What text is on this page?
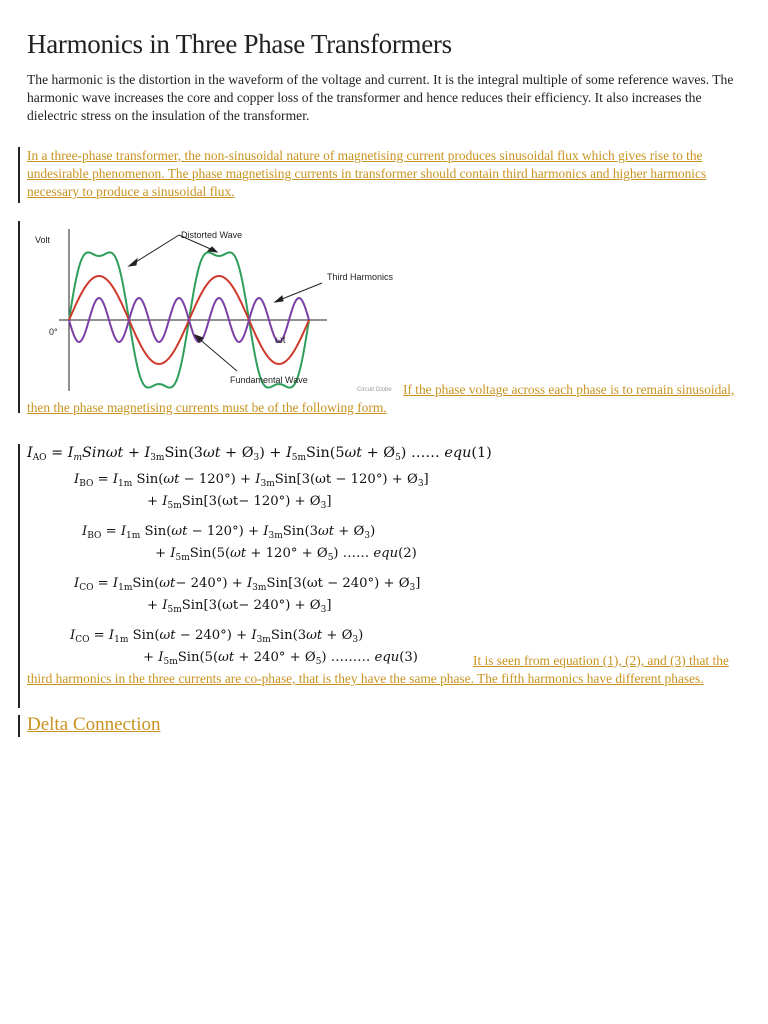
Harmonics in Three Phase Transformers

The harmonic is the distortion in the waveform of the voltage and current. It is the integral multiple of some reference waves. The harmonic wave increases the core and copper loss of the transformer and hence reduces their efficiency. It also increases the dielectric stress on the insulation of the transformer.

In a three-phase transformer, the non-sinusoidal nature of magnetising current produces sinusoidal flux which gives rise to the undesirable phenomenon. The phase magnetising currents in transformer should contain third harmonics and higher harmonics necessary to produce a sinusoidal flux.

Volt
0°
ωt
Distorted Wave
Third Harmonics
Fundamental Wave
Circuit Globe If the phase voltage across each phase is to remain sinusoidal, then the phase magnetising currents must be of the following form.

$I_{AO} = I_mSin\omega t + I_{3m}Sin(3\omega t$ + $Ø_3) + I_{5m}Sin(5\omega t$ + $Ø_5$) …… equ(1)
$I_{BO} = I_{1m}$ $Sin(\omega t - 120^\circ) + I_{3m}Sin[3(\omega t - 120^\circ)$ + $Ø_3$]
+ $I_{5m}Sin[3(\omega t- 120^\circ)$ + $Ø_3$]
$I_{BO} = I_{1m}$ $Sin(\omega t - 120^\circ) + I_{3m}Sin(3\omega t$ + $Ø_3$)
+ $I_{5m}Sin(5(\omega t + 120^\circ$ + $Ø_5$) …… equ(2)
$I_{CO} = I_{1m}Sin(\omega t- 240^\circ) + I_{3m}Sin[3(\omega t - 240^\circ)$ + $Ø_3$]
+ $I_{5m}Sin[3(\omega t- 240^\circ)$ + $Ø_3$]
$I_{CO} = I_{1m}$ $Sin(\omega t - 240^\circ) + I_{3m}Sin(3\omega t$ + $Ø_3$)
+ $I_{5m}Sin(5(\omega t + 240^\circ$ + $Ø_5$) ……… equ(3)	It is seen from equation (1), (2), and (3) that the third harmonics in the three currents are co-phase, that is they have the same phase. The fifth harmonics have different phases.

Delta Connection
